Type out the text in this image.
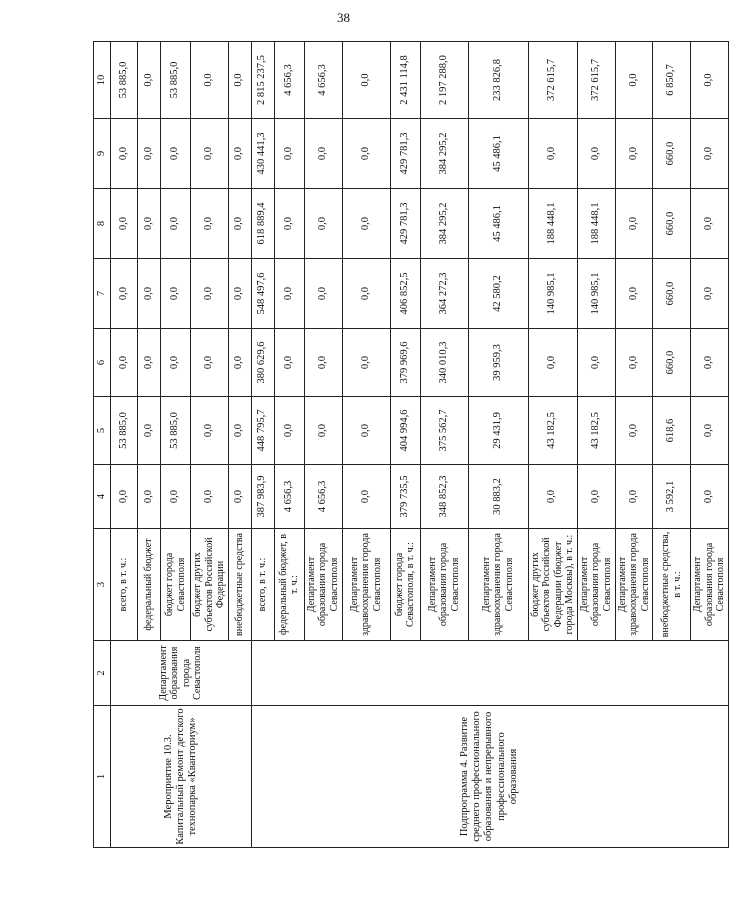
38
1	2	3	4	5	6	7	8	9	10
Мероприятие 10.3. Капитальный ремонт детского технопарка «Кванториум»	Департамент образования города Севастополя	всего, в т. ч.:	0,0	53 885,0	0,0	0,0	0,0	0,0	53 885,0
		федеральный бюджет	0,0	0,0	0,0	0,0	0,0	0,0	0,0
		бюджет города Севастополя	0,0	53 885,0	0,0	0,0	0,0	0,0	53 885,0
		бюджет других субъектов Российской Федерации	0,0	0,0	0,0	0,0	0,0	0,0	0,0
		внебюджетные средства	0,0	0,0	0,0	0,0	0,0	0,0	0,0
Подпрограмма 4. Развитие среднего профессионального образования и непрерывного профессионального образования		всего, в т. ч.:	387 983,9	448 795,7	380 629,6	548 497,6	618 889,4	430 441,3	2 815 237,5
		федеральный бюджет, в т. ч.:	4 656,3	0,0	0,0	0,0	0,0	0,0	4 656,3
		Департамент образования города Севастополя	4 656,3	0,0	0,0	0,0	0,0	0,0	4 656,3
		Департамент здравоохранения города Севастополя	0,0	0,0	0,0	0,0	0,0	0,0	0,0
		бюджет города Севастополя, в т. ч.:	379 735,5	404 994,6	379 969,6	406 852,5	429 781,3	429 781,3	2 431 114,8
		Департамент образования города Севастополя	348 852,3	375 562,7	340 010,3	364 272,3	384 295,2	384 295,2	2 197 288,0
		Департамент здравоохранения города Севастополя	30 883,2	29 431,9	39 959,3	42 580,2	45 486,1	45 486,1	233 826,8
		бюджет других субъектов Российской Федерации (бюджет города Москвы), в т. ч.:	0,0	43 182,5	0,0	140 985,1	188 448,1	0,0	372 615,7
		Департамент образования города Севастополя	0,0	43 182,5	0,0	140 985,1	188 448,1	0,0	372 615,7
		Департамент здравоохранения города Севастополя	0,0	0,0	0,0	0,0	0,0	0,0	0,0
		внебюджетные средства, в т. ч.:	3 592,1	618,6	660,0	660,0	660,0	660,0	6 850,7
		Департамент образования города Севастополя	0,0	0,0	0,0	0,0	0,0	0,0	0,0
